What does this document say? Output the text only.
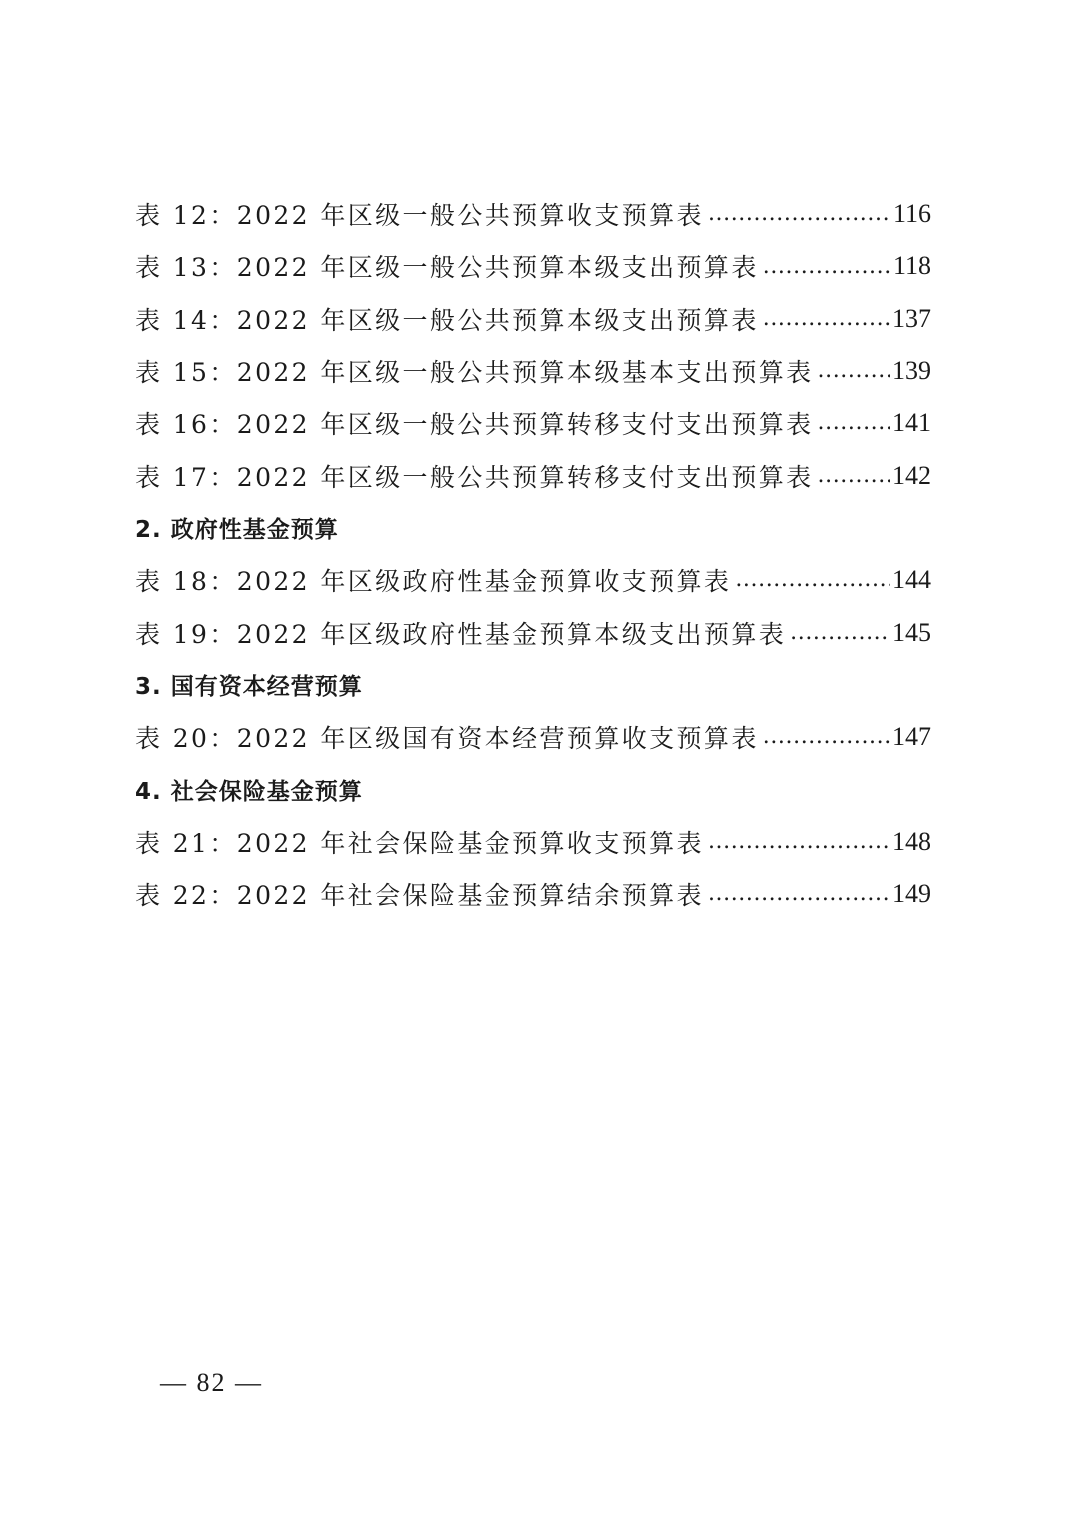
表 12：2022 年区级一般公共预算收支预算表 .....	116
表 13：2022 年区级一般公共预算本级支出预算表 .....	118
表 14：2022 年区级一般公共预算本级支出预算表 .....	137
表 15：2022 年区级一般公共预算本级基本支出预算表 .....	139
表 16：2022 年区级一般公共预算转移支付支出预算表 .....	141
表 17：2022 年区级一般公共预算转移支付支出预算表 .....	142
2. 政府性基金预算
表 18：2022 年区级政府性基金预算收支预算表 .....	144
表 19：2022 年区级政府性基金预算本级支出预算表 .....	145
3. 国有资本经营预算
表 20：2022 年区级国有资本经营预算收支预算表 .....	147
4. 社会保险基金预算
表 21：2022 年社会保险基金预算收支预算表 .....	148
表 22：2022 年社会保险基金预算结余预算表 .....	149
— 82 —
